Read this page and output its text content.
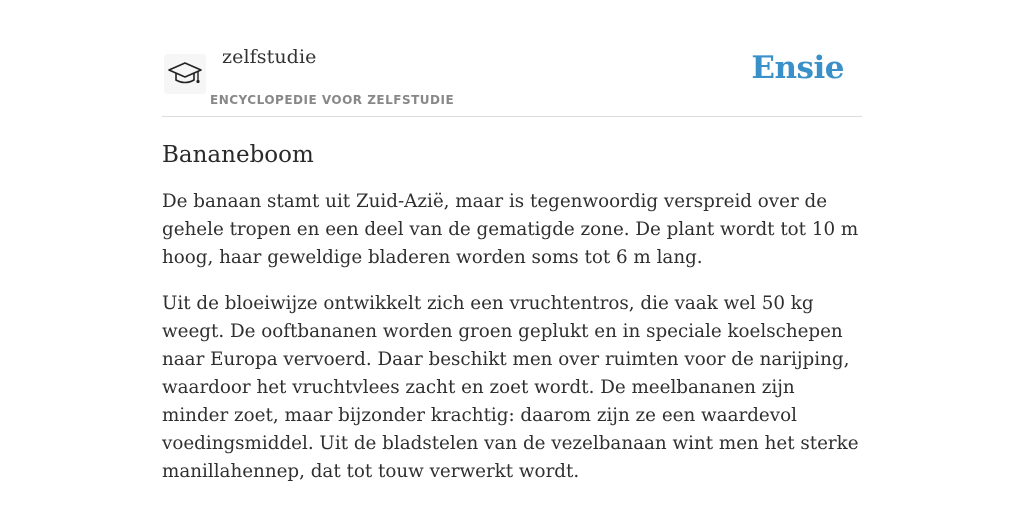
zelfstudie
ENCYCLOPEDIE VOOR ZELFSTUDIE
Ensie
Bananeboom

De banaan stamt uit Zuid-Azië, maar is tegenwoordig verspreid over de gehele tropen en een deel van de gematigde zone. De plant wordt tot 10 m hoog, haar geweldige bladeren worden soms tot 6 m lang.

Uit de bloeiwijze ontwikkelt zich een vruchtentros, die vaak wel 50 kg weegt. De ooftbananen worden groen geplukt en in speciale koelschepen naar Europa vervoerd. Daar beschikt men over ruimten voor de narijping, waardoor het vruchtvlees zacht en zoet wordt. De meelbananen zijn minder zoet, maar bijzonder krachtig: daarom zijn ze een waardevol voedingsmiddel. Uit de bladstelen van de vezelbanaan wint men het sterke manillahennep, dat tot touw verwerkt wordt.
